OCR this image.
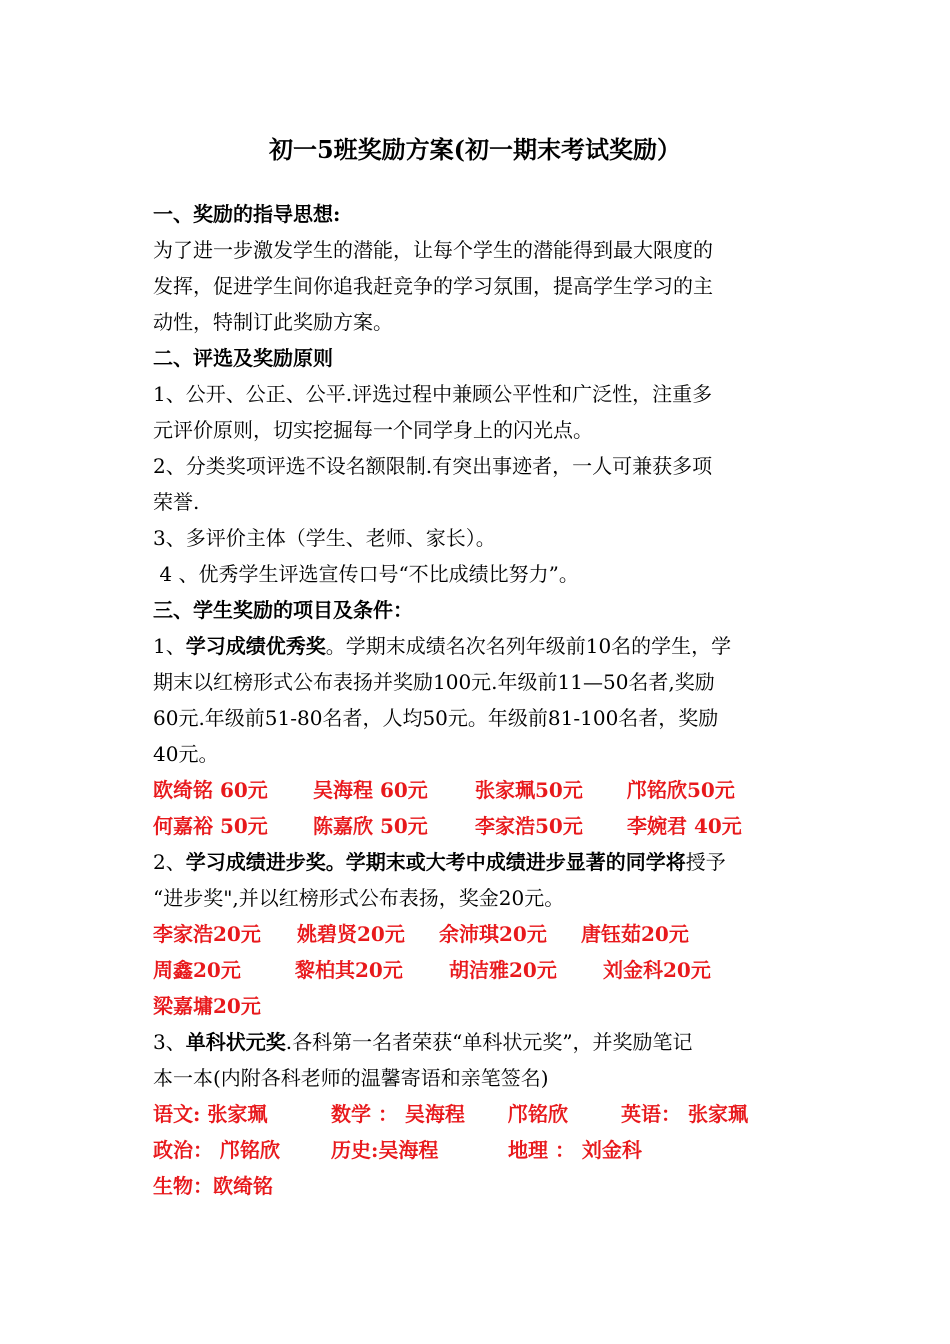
初一5班奖励方案(初一期末考试奖励）
一、奖励的指导思想:
为了进一步激发学生的潜能，让每个学生的潜能得到最大限度的
发挥，促进学生间你追我赶竞争的学习氛围，提高学生学习的主
动性，特制订此奖励方案。
二、评选及奖励原则
1、公开、公正、公平.评选过程中兼顾公平性和广泛性，注重多
元评价原则，切实挖掘每一个同学身上的闪光点。
2、分类奖项评选不设名额限制.有突出事迹者，一人可兼获多项
荣誉.
3、多评价主体（学生、老师、家长）。
4 、优秀学生评选宣传口号“不比成绩比努力”。
三、学生奖励的项目及条件：
1、学习成绩优秀奖。学期末成绩名次名列年级前10名的学生，学
期末以红榜形式公布表扬并奖励100元.年级前11—50名者,奖励
60元.年级前51-80名者，人均50元。年级前81-100名者，奖励
40元。
欧绮铭 60元	吴海程 60元	张家珮50元	邝铭欣50元
何嘉裕 50元	陈嘉欣 50元	李家浩50元	李婉君 40元
2、学习成绩进步奖。学期末或大考中成绩进步显著的同学将授予
“进步奖",并以红榜形式公布表扬，奖金20元。
李家浩20元	姚碧贤20元	余沛琪20元	唐钰茹20元
周鑫20元	黎柏其20元	胡洁雅20元	刘金科20元
梁嘉墉20元
3、单科状元奖.各科第一名者荣获“单科状元奖”，并奖励笔记
本一本(内附各科老师的温馨寄语和亲笔签名)
语文: 张家珮	数学 ： 吴海程	邝铭欣	英语： 张家珮
政治： 邝铭欣	历史:吴海程	地理 ： 刘金科
生物：欧绮铭
